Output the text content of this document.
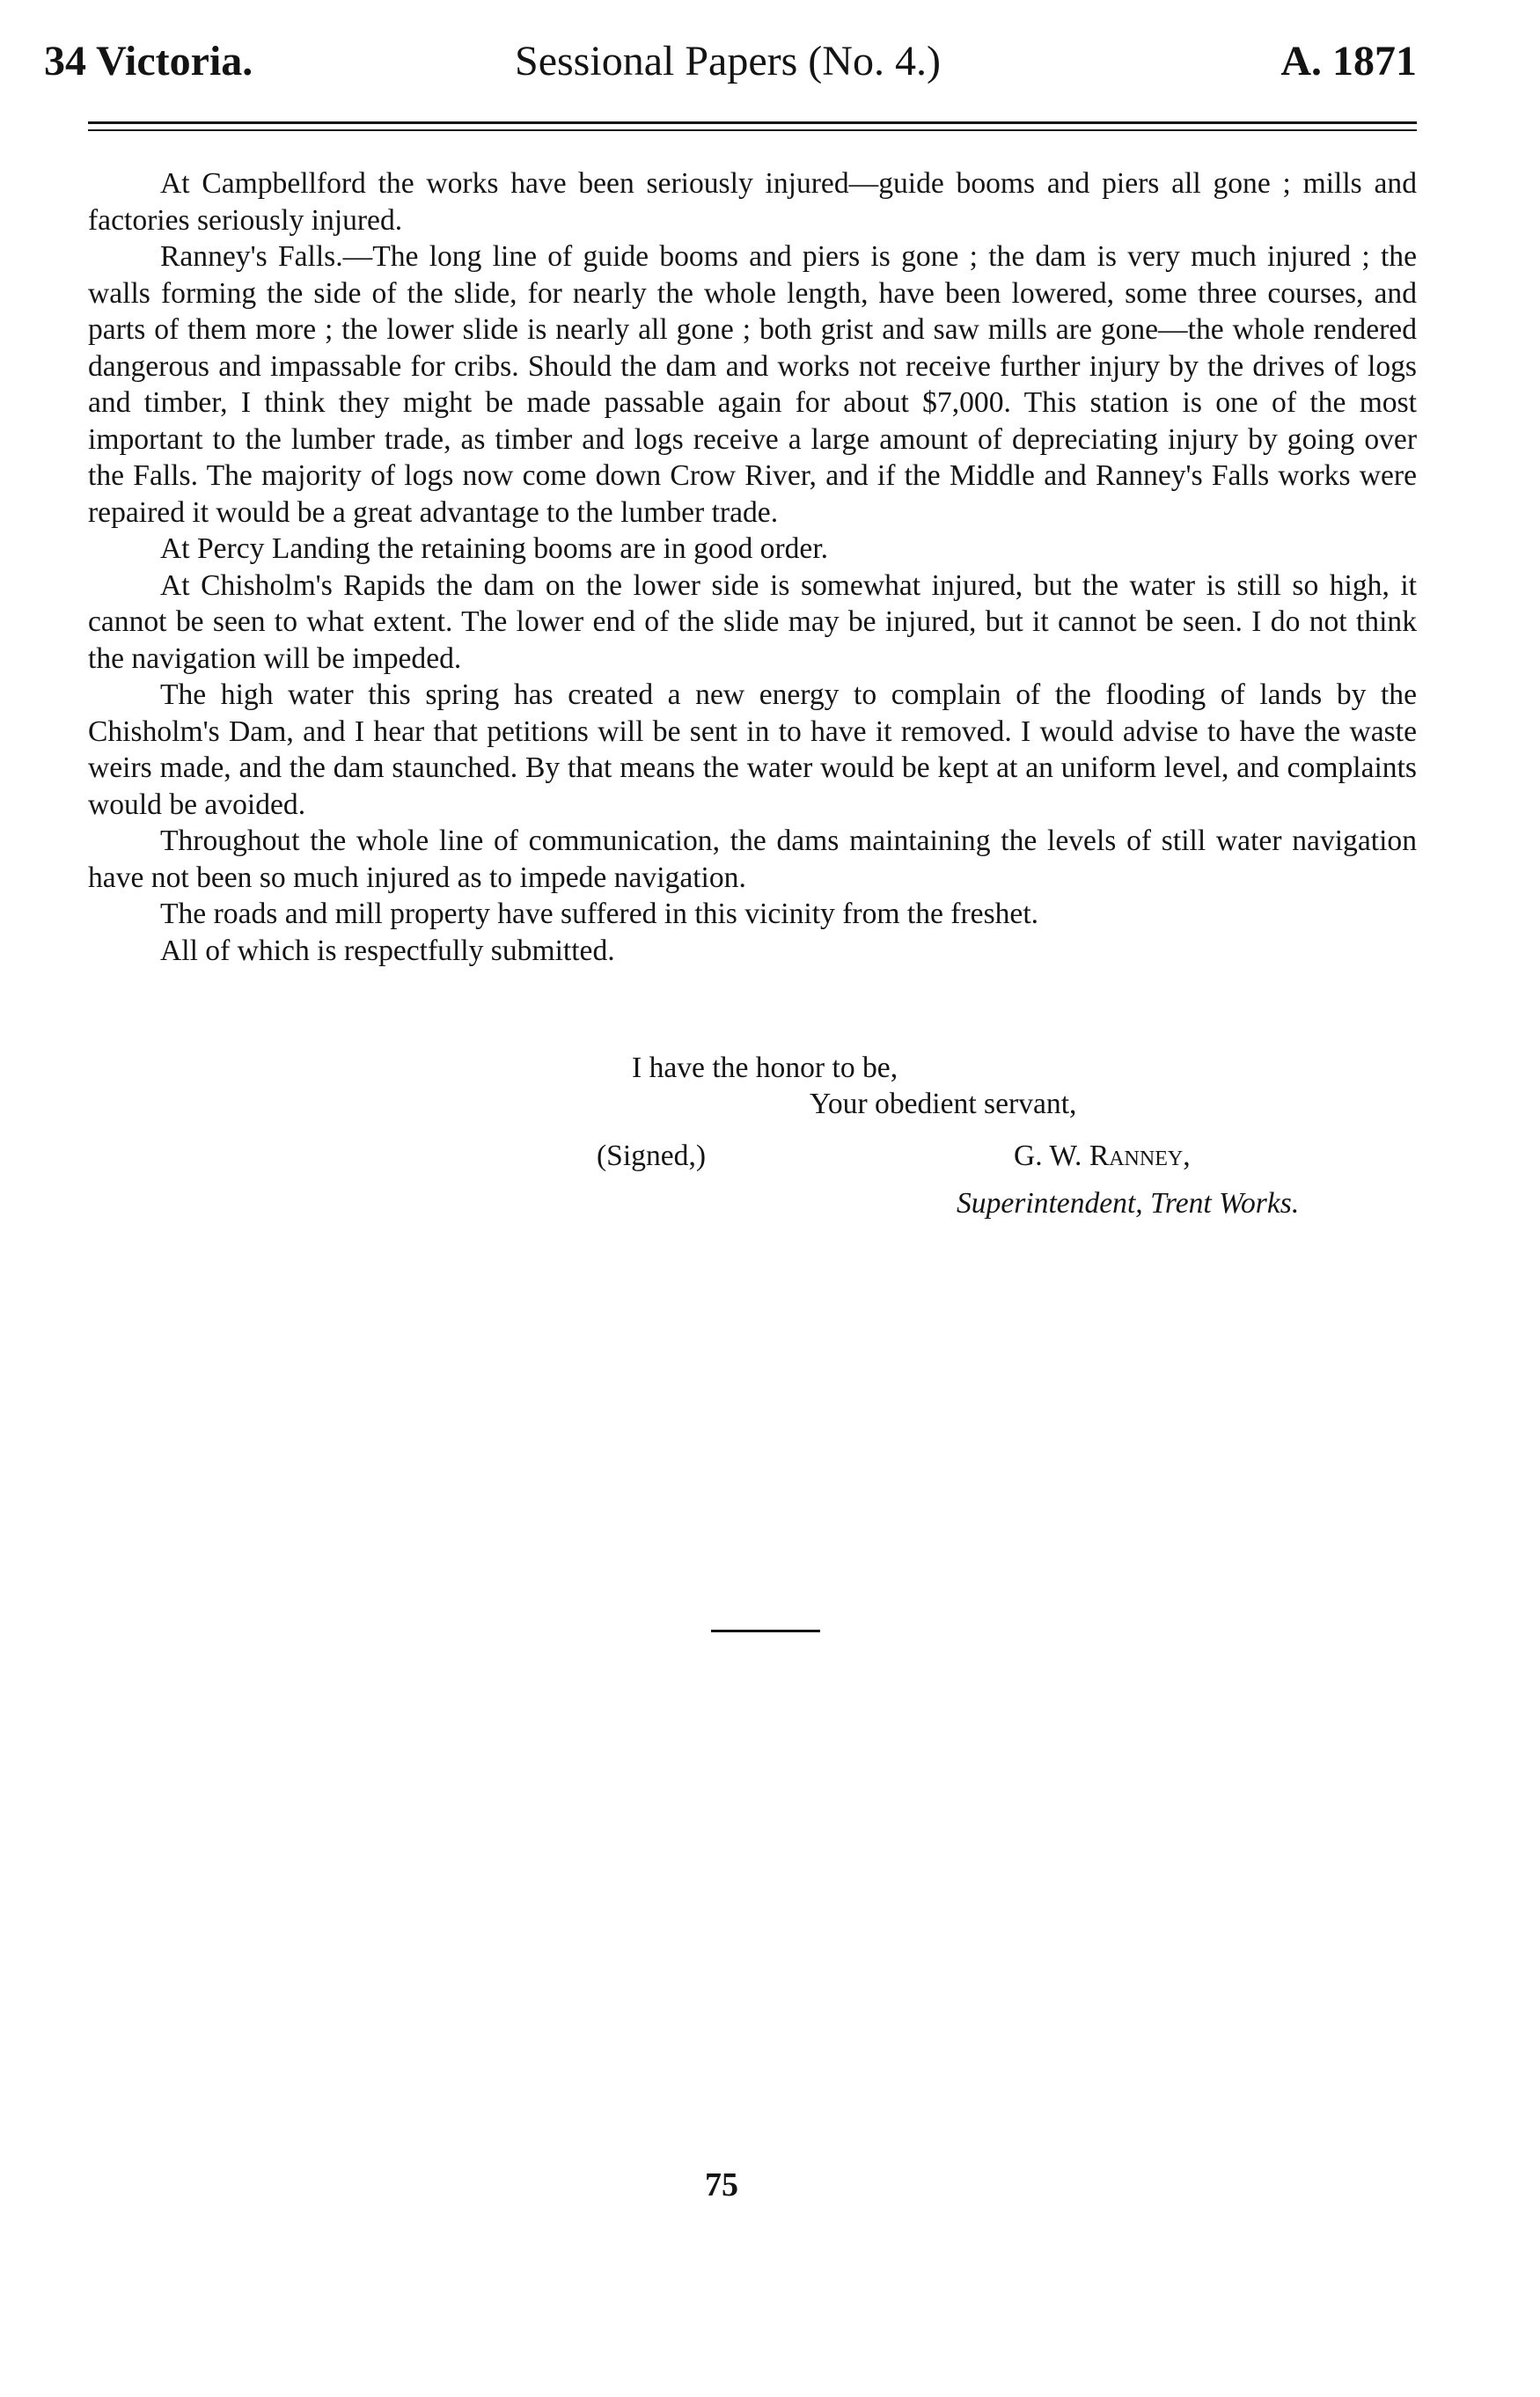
34 Victoria.	Sessional Papers (No. 4.)	A. 1871

At Campbellford the works have been seriously injured—guide booms and piers all gone ; mills and factories seriously injured.

Ranney's Falls.—The long line of guide booms and piers is gone ; the dam is very much injured ; the walls forming the side of the slide, for nearly the whole length, have been lowered, some three courses, and parts of them more ; the lower slide is nearly all gone ; both grist and saw mills are gone—the whole rendered dangerous and impassable for cribs. Should the dam and works not receive further injury by the drives of logs and timber, I think they might be made passable again for about $7,000. This station is one of the most important to the lumber trade, as timber and logs receive a large amount of depreciating injury by going over the Falls. The majority of logs now come down Crow River, and if the Middle and Ranney's Falls works were repaired it would be a great advantage to the lumber trade.

At Percy Landing the retaining booms are in good order.

At Chisholm's Rapids the dam on the lower side is somewhat injured, but the water is still so high, it cannot be seen to what extent. The lower end of the slide may be injured, but it cannot be seen. I do not think the navigation will be impeded.

The high water this spring has created a new energy to complain of the flooding of lands by the Chisholm's Dam, and I hear that petitions will be sent in to have it removed. I would advise to have the waste weirs made, and the dam staunched. By that means the water would be kept at an uniform level, and complaints would be avoided.

Throughout the whole line of communication, the dams maintaining the levels of still water navigation have not been so much injured as to impede navigation.

The roads and mill property have suffered in this vicinity from the freshet.

All of which is respectfully submitted.

I have the honor to be,
Your obedient servant,
(Signed,)	G. W. Ranney,
Superintendent, Trent Works.
75
